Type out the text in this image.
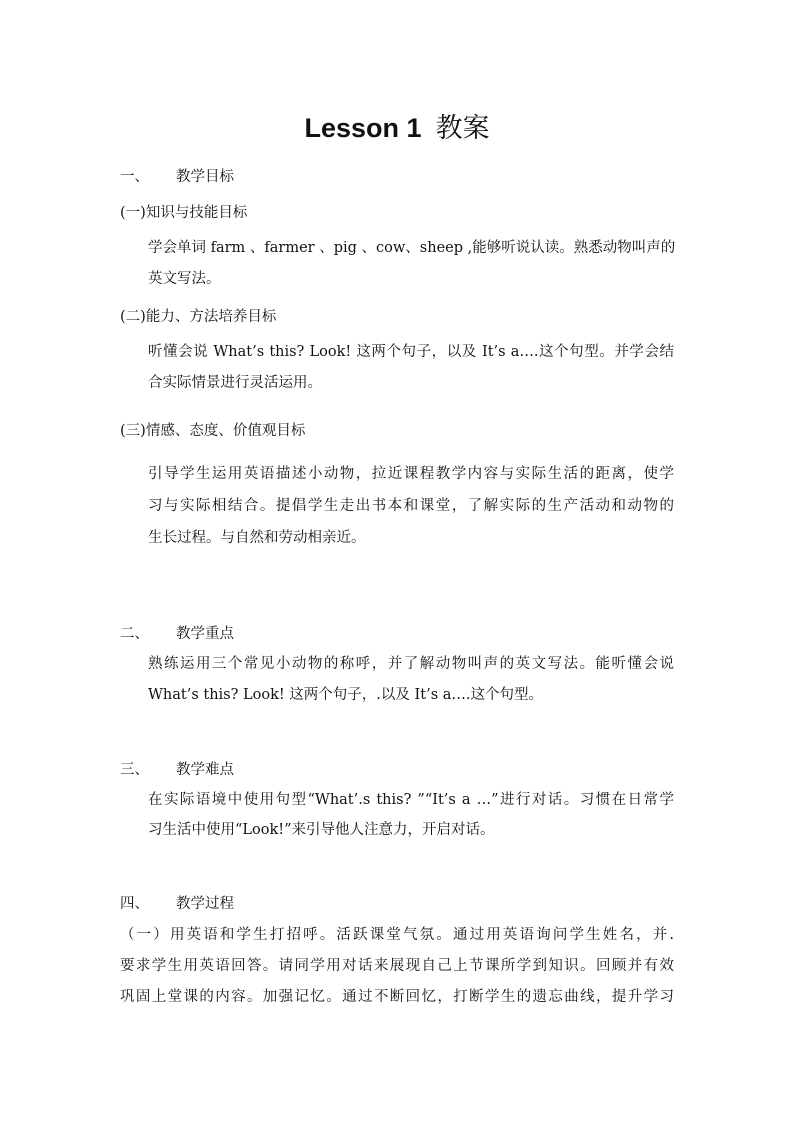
Lesson 1 教案
一、 教学目标
(一)知识与技能目标
学会单词 farm 、farmer 、pig 、cow、sheep ,能够听说认读。熟悉动物叫声的
英文写法。
(二)能力、方法培养目标
听懂会说 What’s this? Look! 这两个句子，以及 It’s a….这个句型。并学会结
合实际情景进行灵活运用。
(三)情感、态度、价值观目标
引导学生运用英语描述小动物，拉近课程教学内容与实际生活的距离，使学
习与实际相结合。提倡学生走出书本和课堂，了解实际的生产活动和动物的
生长过程。与自然和劳动相亲近。
二、 教学重点
熟练运用三个常见小动物的称呼，并了解动物叫声的英文写法。能听懂会说
What’s this? Look! 这两个句子，.以及 It’s a….这个句型。
三、 教学难点
在实际语境中使用句型“What’.s this? ”“It’s a …”进行对话。习惯在日常学
习生活中使用“Look!”来引导他人注意力，开启对话。
四、 教学过程
（一）用英语和学生打招呼。活跃课堂气氛。通过用英语询问学生姓名，并.
要求学生用英语回答。请同学用对话来展现自己上节课所学到知识。回顾并有效
巩固上堂课的内容。加强记忆。通过不断回忆，打断学生的遗忘曲线，提升学习
